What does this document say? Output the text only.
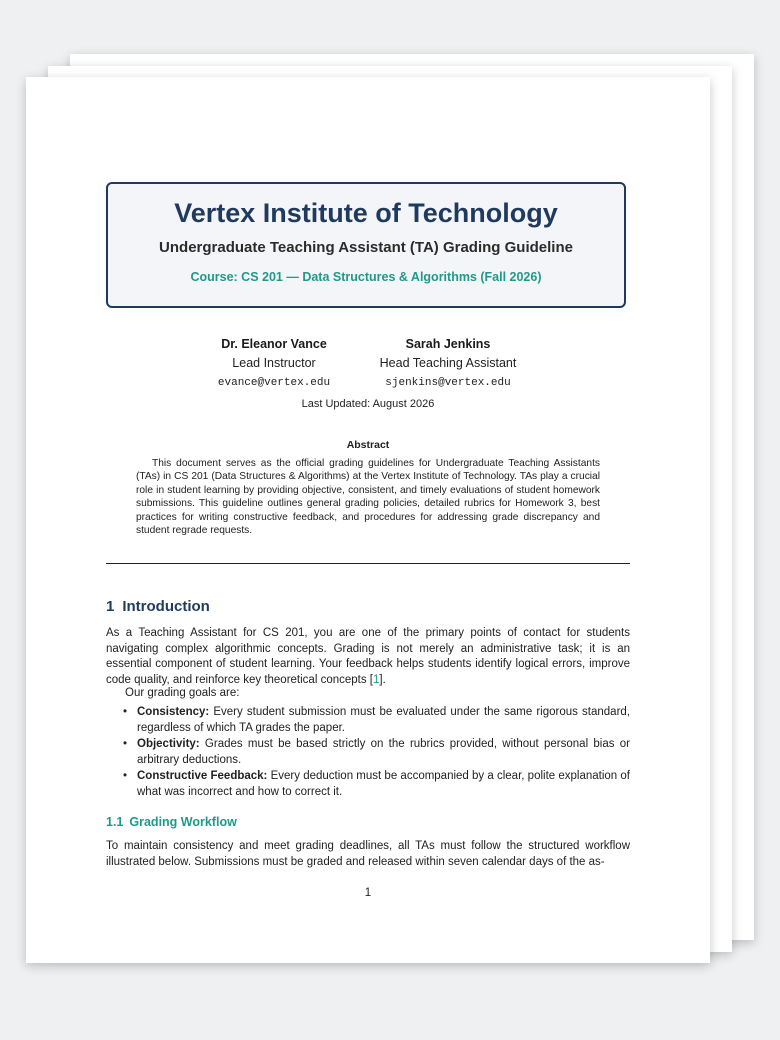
Vertex Institute of Technology
Undergraduate Teaching Assistant (TA) Grading Guideline
Course: CS 201 — Data Structures & Algorithms (Fall 2026)
Dr. Eleanor Vance
Lead Instructor
evance@vertex.edu
Sarah Jenkins
Head Teaching Assistant
sjenkins@vertex.edu
Last Updated: August 2026
Abstract

This document serves as the official grading guidelines for Undergraduate Teaching Assistants (TAs) in CS 201 (Data Structures & Algorithms) at the Vertex Institute of Technology. TAs play a crucial role in student learning by providing objective, consistent, and timely evaluations of student homework submissions. This guideline outlines general grading policies, detailed rubrics for Homework 3, best practices for writing constructive feedback, and procedures for addressing grade discrepancy and student regrade requests.

1 Introduction

As a Teaching Assistant for CS 201, you are one of the primary points of contact for students navigating complex algorithmic concepts. Grading is not merely an administrative task; it is an essential component of student learning. Your feedback helps students identify logical errors, improve code quality, and reinforce key theoretical concepts [1].

Our grading goals are:
• Consistency: Every student submission must be evaluated under the same rigorous standard, regardless of which TA grades the paper.
• Objectivity: Grades must be based strictly on the rubrics provided, without personal bias or arbitrary deductions.
• Constructive Feedback: Every deduction must be accompanied by a clear, polite explanation of what was incorrect and how to correct it.
1.1 Grading Workflow

To maintain consistency and meet grading deadlines, all TAs must follow the structured workflow illustrated below. Submissions must be graded and released within seven calendar days of the as-

1
